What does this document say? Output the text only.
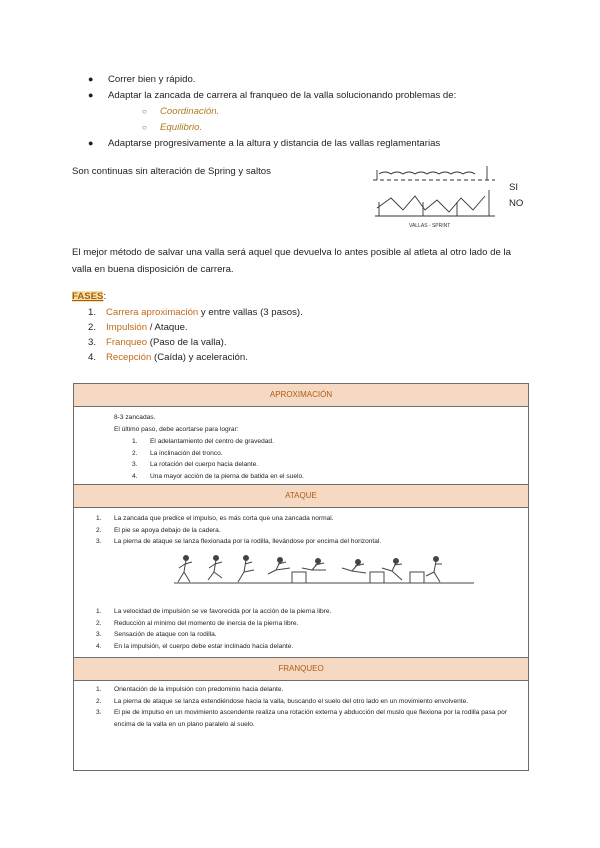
●	Correr bien y rápido.
●	Adaptar la zancada de carrera al franqueo de la valla solucionando problemas de:
○	Coordinación.
○	Equilibrio.
●	Adaptarse progresivamente a la altura y distancia de las vallas reglamentarias
Son continuas sin alteración de Spring y saltos
VALLAS - SPRINT
SI
NO
El mejor método de salvar una valla será aquel que devuelva lo antes posible al atleta al otro lado de la valla en buena disposición de carrera.
FASES:
1. Carrera aproximación y entre vallas (3 pasos).
2. Impulsión / Ataque.
3. Franqueo (Paso de la valla).
4. Recepción (Caída) y aceleración.
APROXIMACIÓN
8-3 zancadas.
El último paso, debe acortarse para lograr:
1. El adelantamiento del centro de gravedad.
2. La inclinación del tronco.
3. La rotación del cuerpo hacia delante.
4. Una mayor acción de la pierna de batida en el suelo.
ATAQUE
1. La zancada que predice el impulso, es más corta que una zancada normal.
2. El pie se apoya debajo de la cadera.
3. La pierna de ataque se lanza flexionada por la rodilla, llevándose por encima del horizontal.
1. La velocidad de impulsión se ve favorecida por la acción de la pierna libre.
2. Reducción al mínimo del momento de inercia de la pierna libre.
3. Sensación de ataque con la rodilla.
4. En la impulsión, el cuerpo debe estar inclinado hacia delante.
FRANQUEO
1. Orientación de la impulsión con predominio hacia delante.
2.	La pierna de ataque se lanza extendiéndose hacia la valla, buscando el suelo del otro lado en un movimiento envolvente.
3.	El pie de impulso en un movimiento ascendente realiza una rotación externa y abducción del muslo que flexiona por la rodilla pasa por encima de la valla en un plano paralelo al suelo.
